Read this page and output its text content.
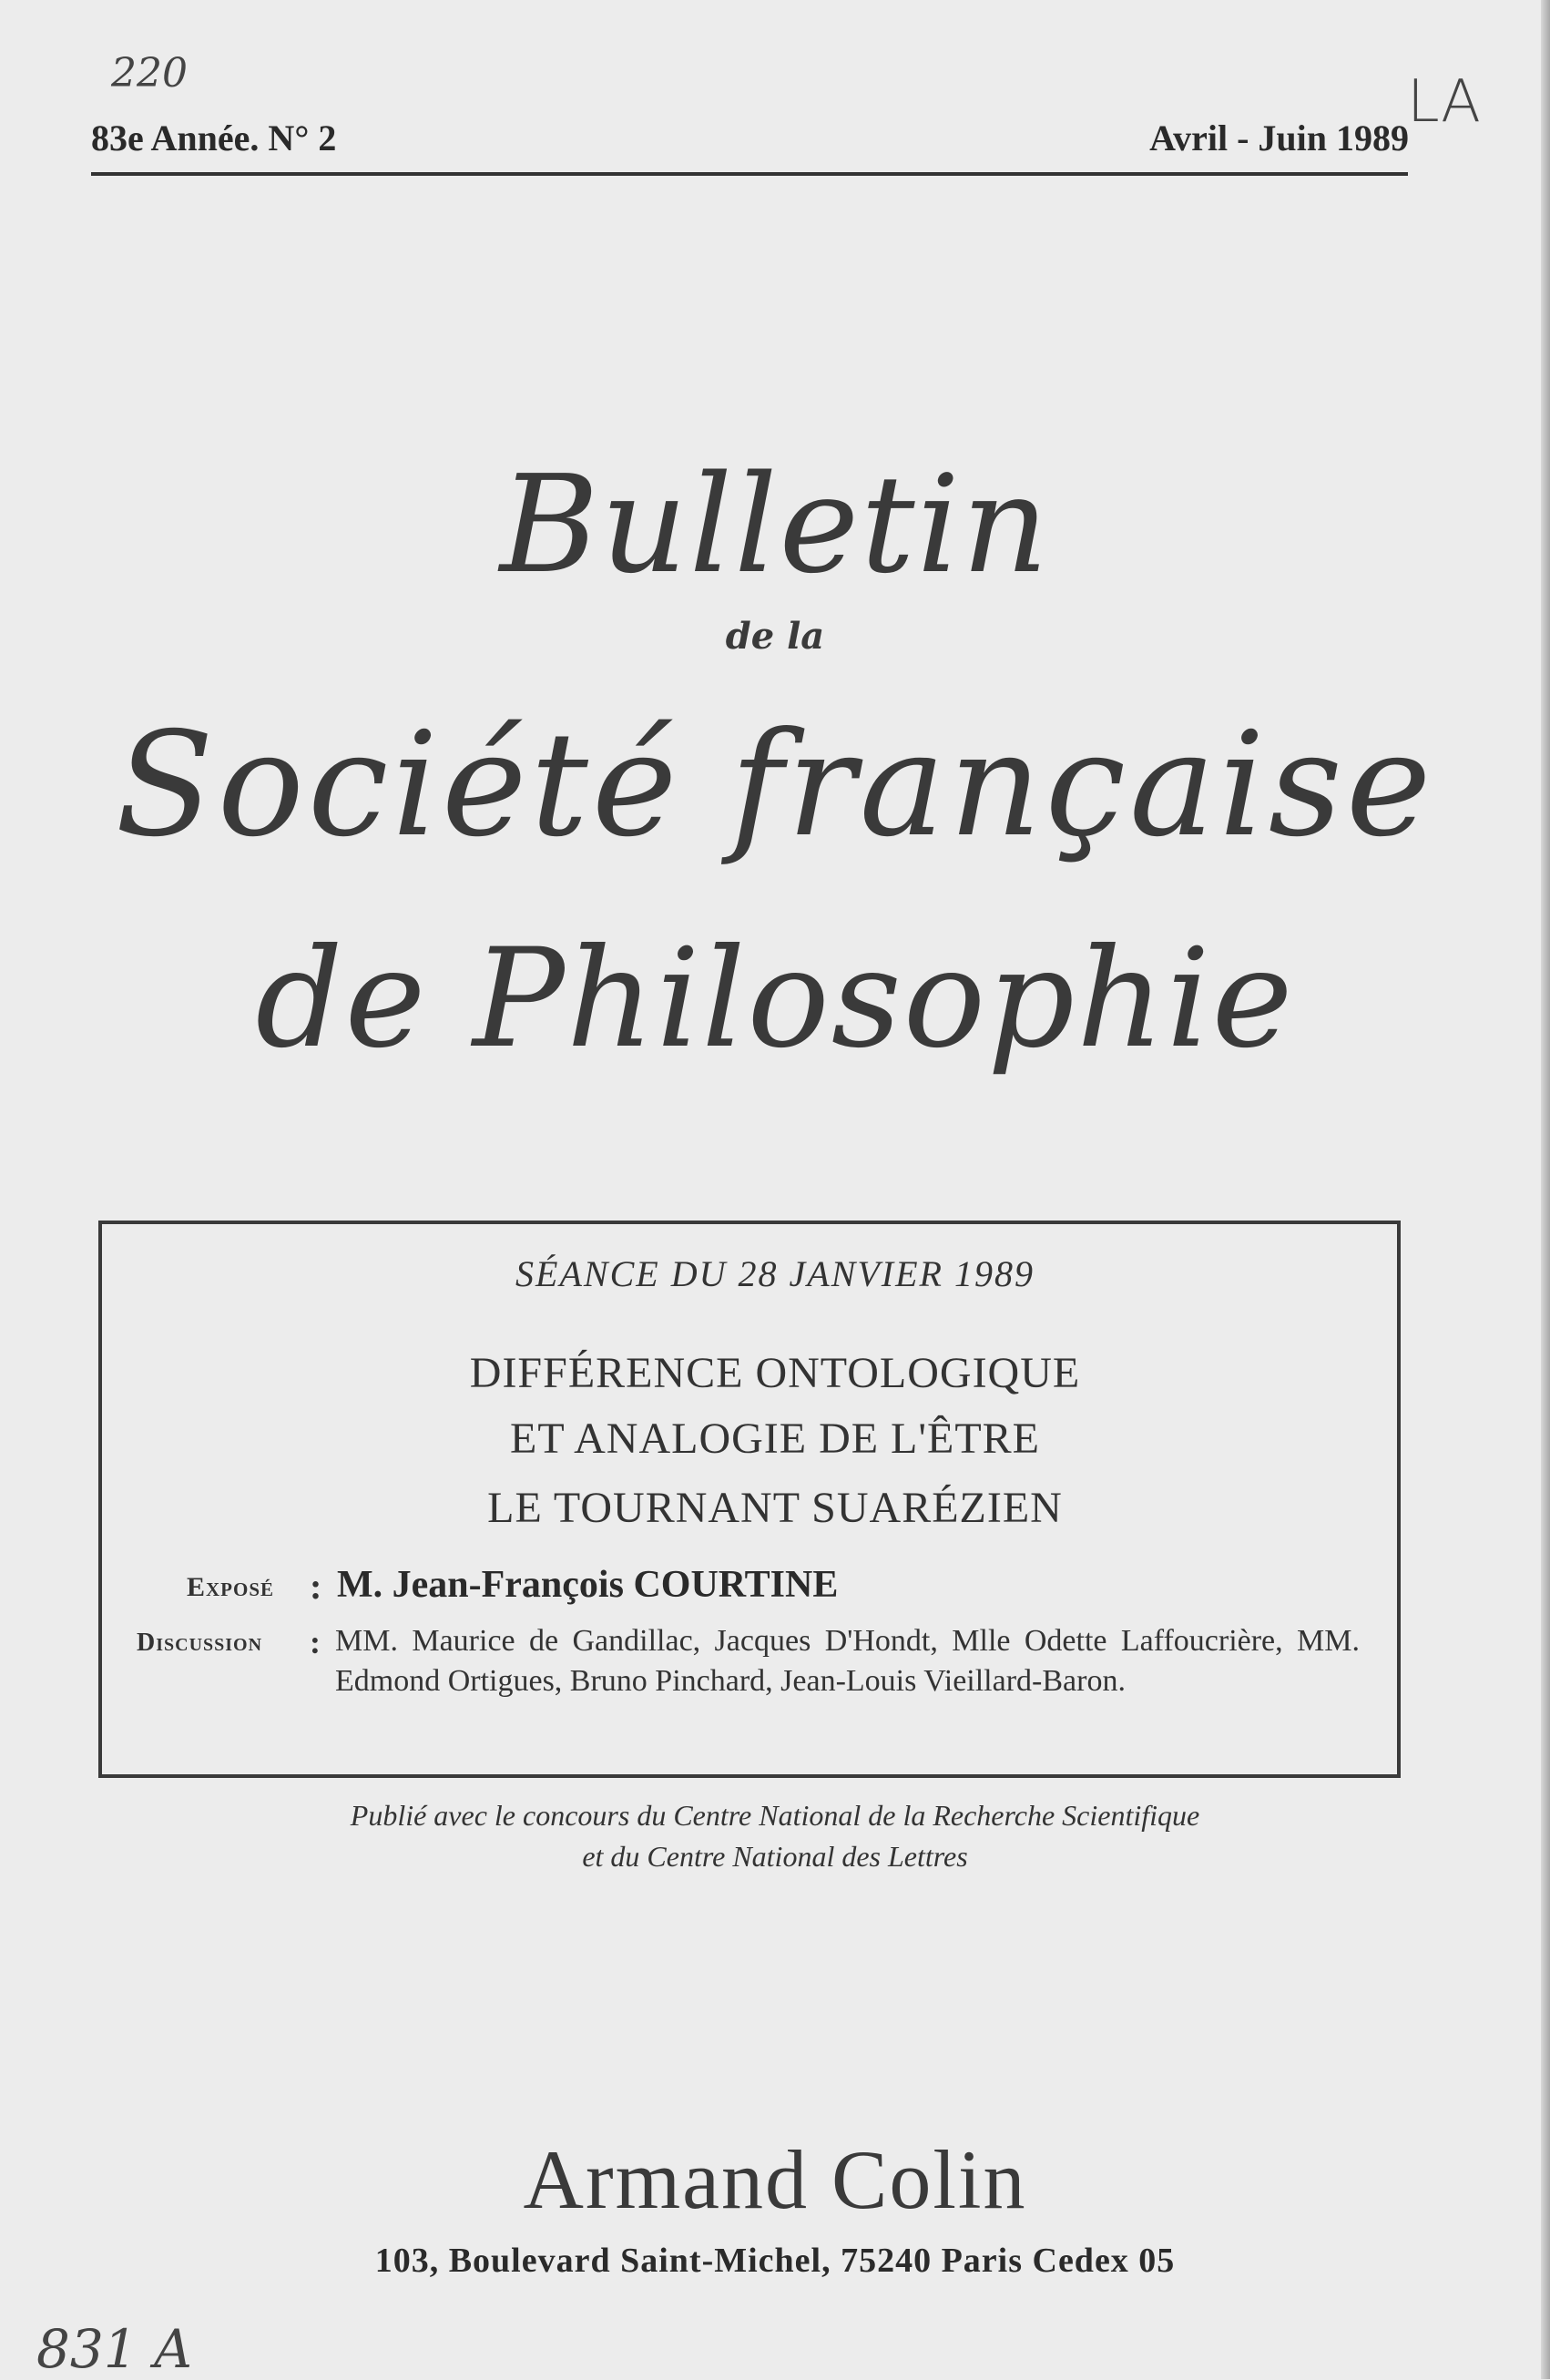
220	LA
831 A
83e Année. N° 2	Avril - Juin 1989
Bulletin
de la
Société française
de Philosophie
SÉANCE DU 28 JANVIER 1989
DIFFÉRENCE ONTOLOGIQUE
ET ANALOGIE DE L'ÊTRE
LE TOURNANT SUARÉZIEN
Exposé : M. Jean-François COURTINE
Discussion : MM. Maurice de Gandillac, Jacques D'Hondt, Mlle Odette Laffoucrière, MM. Edmond Ortigues, Bruno Pinchard, Jean-Louis Vieillard-Baron.
Publié avec le concours du Centre National de la Recherche Scientifique
et du Centre National des Lettres
Armand Colin
103, Boulevard Saint-Michel, 75240 Paris Cedex 05
